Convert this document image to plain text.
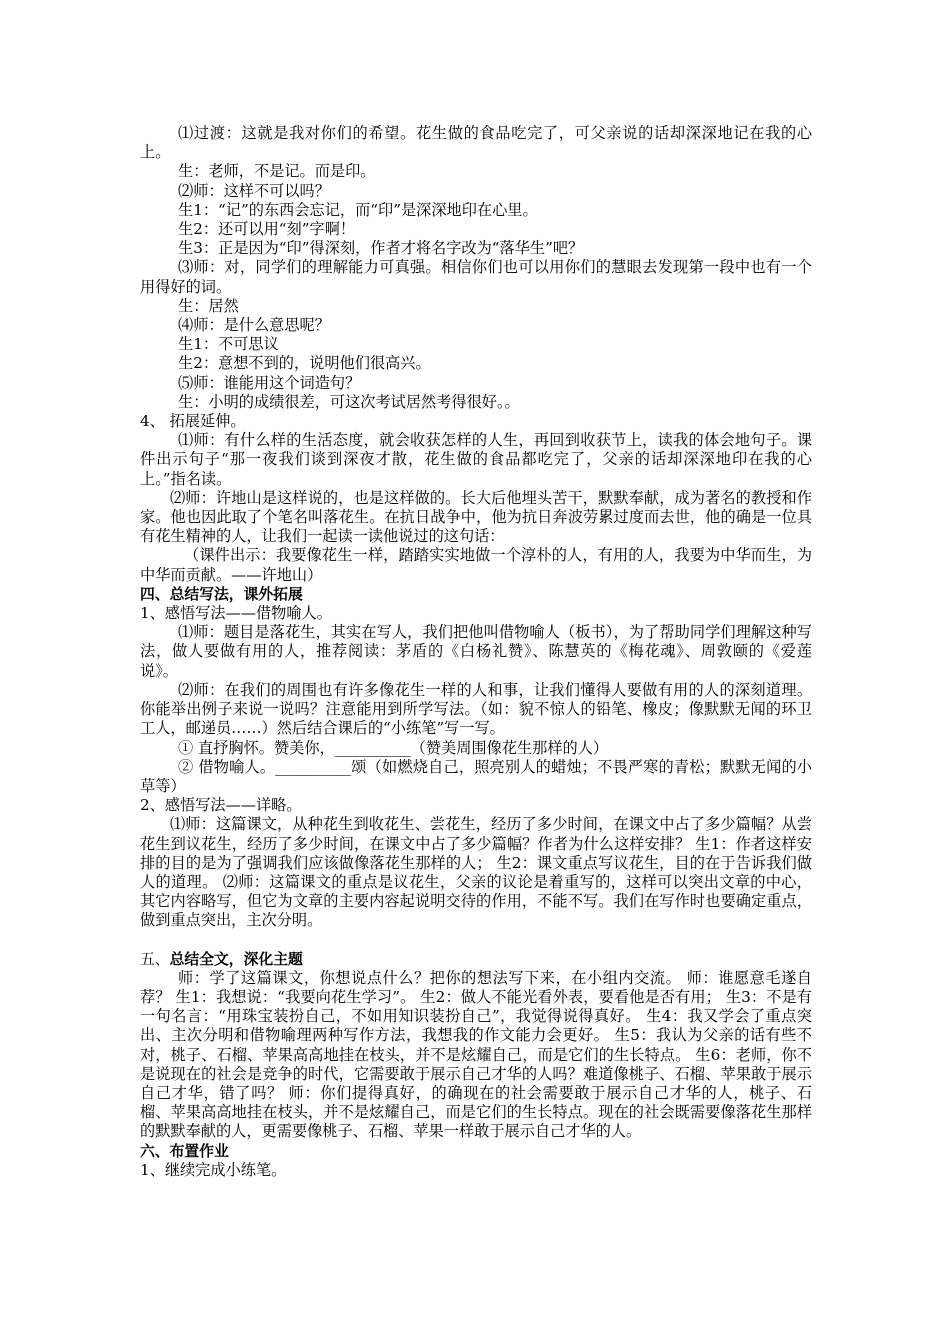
⑴过渡：这就是我对你们的希望。花生做的食品吃完了，可父亲说的话却深深地记在我的心上。

生：老师，不是记。而是印。

⑵师：这样不可以吗？

生1：“记”的东西会忘记，而“印”是深深地印在心里。

生2：还可以用“刻”字啊！

生3：正是因为“印”得深刻，作者才将名字改为“落华生”吧？

⑶师：对，同学们的理解能力可真强。相信你们也可以用你们的慧眼去发现第一段中也有一个用得好的词。

生：居然

⑷师：是什么意思呢？

生1：不可思议

生2：意想不到的，说明他们很高兴。

⑸师：谁能用这个词造句？

生：小明的成绩很差，可这次考试居然考得很好。。

4、 拓展延伸。

⑴师：有什么样的生活态度，就会收获怎样的人生，再回到收获节上，读我的体会地句子。课件出示句子“那一夜我们谈到深夜才散，花生做的食品都吃完了，父亲的话却深深地印在我的心上。”指名读。

⑵师：许地山是这样说的，也是这样做的。长大后他埋头苦干，默默奉献，成为著名的教授和作家。他也因此取了个笔名叫落花生。在抗日战争中，他为抗日奔波劳累过度而去世，他的确是一位具有花生精神的人，让我们一起读一读他说过的这句话：

（课件出示：我要像花生一样，踏踏实实地做一个淳朴的人，有用的人，我要为中华而生，为中华而贡献。——许地山）

四、总结写法，课外拓展

1、感悟写法——借物喻人。

⑴师：题目是落花生，其实在写人，我们把他叫借物喻人（板书），为了帮助同学们理解这种写法，做人要做有用的人，推荐阅读：茅盾的《白杨礼赞》、陈慧英的《梅花魂》、周敦颐的《爱莲说》。

⑵师：在我们的周围也有许多像花生一样的人和事，让我们懂得人要做有用的人的深刻道理。你能举出例子来说一说吗？注意能用到所学写法。（如：貌不惊人的铅笔、橡皮；像默默无闻的环卫工人，邮递员……）然后结合课后的“小练笔”写一写。

① 直抒胸怀。赞美你，__________（赞美周围像花生那样的人）

② 借物喻人。__________颂（如燃烧自己，照亮别人的蜡烛；不畏严寒的青松；默默无闻的小草等）

2、感悟写法——详略。

⑴师：这篇课文，从种花生到收花生、尝花生，经历了多少时间，在课文中占了多少篇幅？从尝花生到议花生，经历了多少时间，在课文中占了多少篇幅？作者为什么这样安排？ 生1：作者这样安排的目的是为了强调我们应该做像落花生那样的人； 生2：课文重点写议花生，目的在于告诉我们做人的道理。 ⑵师：这篇课文的重点是议花生，父亲的议论是着重写的，这样可以突出文章的中心，其它内容略写，但它为文章的主要内容起说明交待的作用，不能不写。我们在写作时也要确定重点，做到重点突出，主次分明。

五、总结全文，深化主题

师：学了这篇课文，你想说点什么？把你的想法写下来，在小组内交流。 师：谁愿意毛遂自荐？ 生1：我想说：“我要向花生学习”。 生2：做人不能光看外表，要看他是否有用； 生3：不是有一句名言：“用珠宝装扮自己，不如用知识装扮自己”，我觉得说得真好。 生4：我又学会了重点突出、主次分明和借物喻理两种写作方法，我想我的作文能力会更好。 生5：我认为父亲的话有些不对，桃子、石榴、苹果高高地挂在枝头，并不是炫耀自己，而是它们的生长特点。 生6：老师，你不是说现在的社会是竞争的时代，它需要敢于展示自己才华的人吗？难道像桃子、石榴、苹果敢于展示自己才华，错了吗？ 师：你们提得真好，的确现在的社会需要敢于展示自己才华的人，桃子、石榴、苹果高高地挂在枝头，并不是炫耀自己，而是它们的生长特点。现在的社会既需要像落花生那样的默默奉献的人，更需要像桃子、石榴、苹果一样敢于展示自己才华的人。

六、布置作业

1、继续完成小练笔。
